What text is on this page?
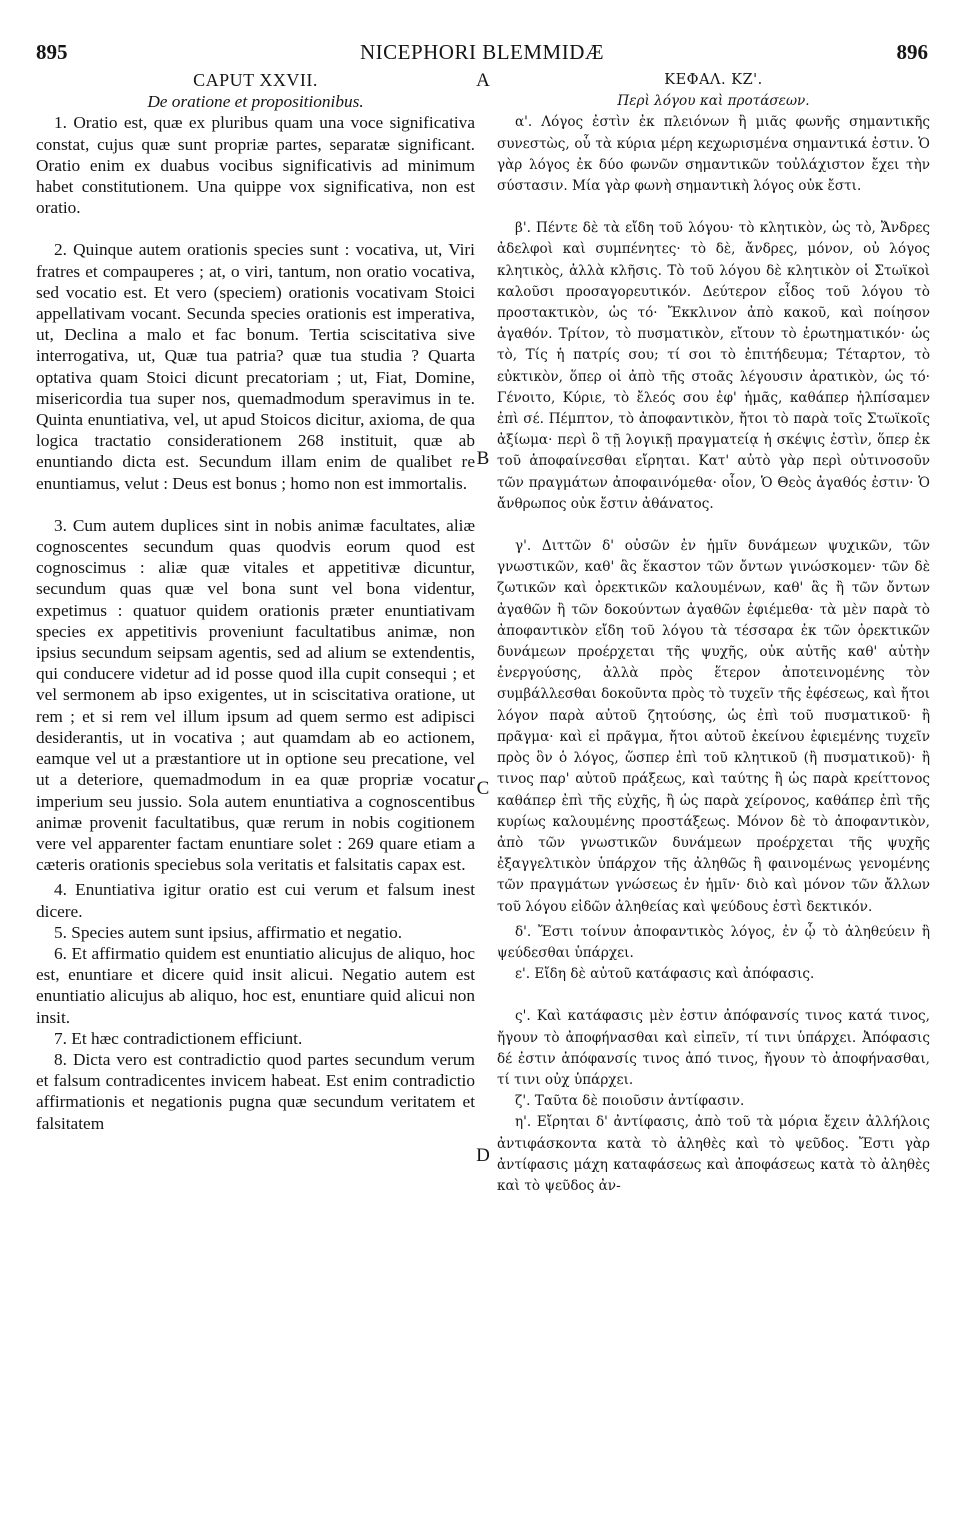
NICEPHORI BLEMMIDÆ
895	896

CAPUT XXVII.

De oratione et propositionibus.

1. Oratio est, quæ ex pluribus quam una voce significativa constat, cujus quæ sunt propriæ partes, separatæ significant. Oratio enim ex duabus vocibus significativis ad minimum habet constitutionem. Una quippe vox significativa, non est oratio.

2. Quinque autem orationis species sunt : vocativa, ut, Viri fratres et compauperes ; at, o viri, tantum, non oratio vocativa, sed vocatio est. Et vero (speciem) orationis vocativam Stoici appellativam vocant. Secunda species orationis est imperativa, ut, Declina a malo et fac bonum. Tertia sciscitativa sive interrogativa, ut, Quæ tua patria? quæ tua studia ? Quarta optativa quam Stoici dicunt precatoriam ; ut, Fiat, Domine, misericordia tua super nos, quemadmodum speravimus in te. Quinta enuntiativa, vel, ut apud Stoicos dicitur, axioma, de qua logica tractatio considerationem 268 instituit, quæ ab enuntiando dicta est. Secundum illam enim de qualibet re enuntiamus, velut : Deus est bonus ; homo non est immortalis.

3. Cum autem duplices sint in nobis animæ facultates, aliæ cognoscentes secundum quas quodvis eorum quod est cognoscimus : aliæ quæ vitales et appetitivæ dicuntur, secundum quas quæ vel bona sunt vel bona videntur, expetimus : quatuor quidem orationis præter enuntiativam species ex appetitivis proveniunt facultatibus animæ, non ipsius secundum seipsam agentis, sed ad alium se extendentis, qui conducere videtur ad id posse quod illa cupit consequi ; et vel sermonem ab ipso exigentes, ut in sciscitativa oratione, ut rem ; et si rem vel illum ipsum ad quem sermo est adipisci desiderantis, ut in vocativa ; aut quamdam ab eo actionem, eamque vel ut a præstantiore ut in optione seu precatione, vel ut a deteriore, quemadmodum in ea quæ propriæ vocatur imperium seu jussio. Sola autem enuntiativa a cognoscentibus animæ provenit facultatibus, quæ rerum in nobis cogitionem vere vel apparenter factam enuntiare solet : 269 quare etiam a cæteris orationis speciebus sola veritatis et falsitatis capax est.

4. Enuntiativa igitur oratio est cui verum et falsum inest dicere.

5. Species autem sunt ipsius, affirmatio et negatio.

6. Et affirmatio quidem est enuntiatio alicujus de aliquo, hoc est, enuntiare et dicere quid insit alicui. Negatio autem est enuntiatio alicujus ab aliquo, hoc est, enuntiare quid alicui non insit.

7. Et hæc contradictionem efficiunt.

8. Dicta vero est contradictio quod partes secundum verum et falsum contradicentes invicem habeat. Est enim contradictio affirmationis et negationis pugna quæ secundum veritatem et falsitatem

ΚΕΦΑΛ. ΚΖ'.

Περὶ λόγου καὶ προτάσεων.

α'. Λόγος ἐστὶν ἐκ πλειόνων ἢ μιᾶς φωνῆς σημαντικῆς συνεστὼς, οὗ τὰ κύρια μέρη κεχωρισμένα σημαντικά ἐστιν. Ὁ γὰρ λόγος ἐκ δύο φωνῶν σημαντικῶν τοὐλάχιστον ἔχει τὴν σύστασιν. Μία γὰρ φωνὴ σημαντικὴ λόγος οὐκ ἔστι.

β'. Πέντε δὲ τὰ εἴδη τοῦ λόγου· τὸ κλητικὸν, ὡς τὸ, Ἄνδρες ἀδελφοὶ καὶ συμπένητες· τὸ δὲ, ἄνδρες, μόνον, οὐ λόγος κλητικὸς, ἀλλὰ κλῆσις. Τὸ τοῦ λόγου δὲ κλητικὸν οἱ Στωϊκοὶ καλοῦσι προσαγορευτικόν. Δεύτερον εἶδος τοῦ λόγου τὸ προστακτικὸν, ὡς τό· Ἔκκλινον ἀπὸ κακοῦ, καὶ ποίησον ἀγαθόν. Τρίτον, τὸ πυσματικὸν, εἴτουν τὸ ἐρωτηματικόν· ὡς τὸ, Τίς ἡ πατρίς σου; τί σοι τὸ ἐπιτήδευμα; Τέταρτον, τὸ εὐκτικὸν, ὅπερ οἱ ἀπὸ τῆς στοᾶς λέγουσιν ἀρατικὸν, ὡς τό· Γένοιτο, Κύριε, τὸ ἔλεός σου ἐφ' ἡμᾶς, καθάπερ ἠλπίσαμεν ἐπὶ σέ. Πέμπτον, τὸ ἀποφαντικὸν, ἤτοι τὸ παρὰ τοῖς Στωϊκοῖς ἀξίωμα· περὶ ὃ τῇ λογικῇ πραγματείᾳ ἡ σκέψις ἐστὶν, ὅπερ ἐκ τοῦ ἀποφαίνεσθαι εἴρηται. Κατ' αὐτὸ γὰρ περὶ οὑτινοσοῦν τῶν πραγμάτων ἀποφαινόμεθα· οἷον, Ὁ Θεὸς ἀγαθός ἐστιν· Ὁ ἄνθρωπος οὐκ ἔστιν ἀθάνατος.

γ'. Διττῶν δ' οὐσῶν ἐν ἡμῖν δυνάμεων ψυχικῶν, τῶν γνωστικῶν, καθ' ἃς ἕκαστον τῶν ὄντων γινώσκομεν· τῶν δὲ ζωτικῶν καὶ ὀρεκτικῶν καλουμένων, καθ' ἃς ἢ τῶν ὄντων ἀγαθῶν ἢ τῶν δοκούντων ἀγαθῶν ἐφιέμεθα· τὰ μὲν παρὰ τὸ ἀποφαντικὸν εἴδη τοῦ λόγου τὰ τέσσαρα ἐκ τῶν ὀρεκτικῶν δυνάμεων προέρχεται τῆς ψυχῆς, οὐκ αὐτῆς καθ' αὑτὴν ἐνεργούσης, ἀλλὰ πρὸς ἕτερον ἀποτεινομένης τὸν συμβάλλεσθαι δοκοῦντα πρὸς τὸ τυχεῖν τῆς ἐφέσεως, καὶ ἤτοι λόγον παρὰ αὐτοῦ ζητούσης, ὡς ἐπὶ τοῦ πυσματικοῦ· ἢ πρᾶγμα· καὶ εἰ πρᾶγμα, ἤτοι αὐτοῦ ἐκείνου ἐφιεμένης τυχεῖν πρὸς ὃν ὁ λόγος, ὥσπερ ἐπὶ τοῦ κλητικοῦ (ἢ πυσματικοῦ)· ἢ τινος παρ' αὐτοῦ πράξεως, καὶ ταύτης ἢ ὡς παρὰ κρείττονος καθάπερ ἐπὶ τῆς εὐχῆς, ἢ ὡς παρὰ χείρονος, καθάπερ ἐπὶ τῆς κυρίως καλουμένης προστάξεως. Μόνον δὲ τὸ ἀποφαντικὸν, ἀπὸ τῶν γνωστικῶν δυνάμεων προέρχεται τῆς ψυχῆς ἐξαγγελτικὸν ὑπάρχον τῆς ἀληθῶς ἢ φαινομένως γενομένης τῶν πραγμάτων γνώσεως ἐν ἡμῖν· διὸ καὶ μόνον τῶν ἄλλων τοῦ λόγου εἰδῶν ἀληθείας καὶ ψεύδους ἐστὶ δεκτικόν.

δ'. Ἔστι τοίνυν ἀποφαντικὸς λόγος, ἐν ᾧ τὸ ἀληθεύειν ἢ ψεύδεσθαι ὑπάρχει.

ε'. Εἴδη δὲ αὐτοῦ κατάφασις καὶ ἀπόφασις.

ς'. Καὶ κατάφασις μὲν ἐστιν ἀπόφανσίς τινος κατά τινος, ἤγουν τὸ ἀποφήνασθαι καὶ εἰπεῖν, τί τινι ὑπάρχει. Ἀπόφασις δέ ἐστιν ἀπόφανσίς τινος ἀπό τινος, ἤγουν τὸ ἀποφήνασθαι, τί τινι οὐχ ὑπάρχει.

ζ'. Ταῦτα δὲ ποιοῦσιν ἀντίφασιν.

η'. Εἴρηται δ' ἀντίφασις, ἀπὸ τοῦ τὰ μόρια ἔχειν ἀλλήλοις ἀντιφάσκοντα κατὰ τὸ ἀληθὲς καὶ τὸ ψεῦδος. Ἔστι γὰρ ἀντίφασις μάχη καταφάσεως καὶ ἀποφάσεως κατὰ τὸ ἀληθὲς καὶ τὸ ψεῦδος ἀν-

A
B
C
D
